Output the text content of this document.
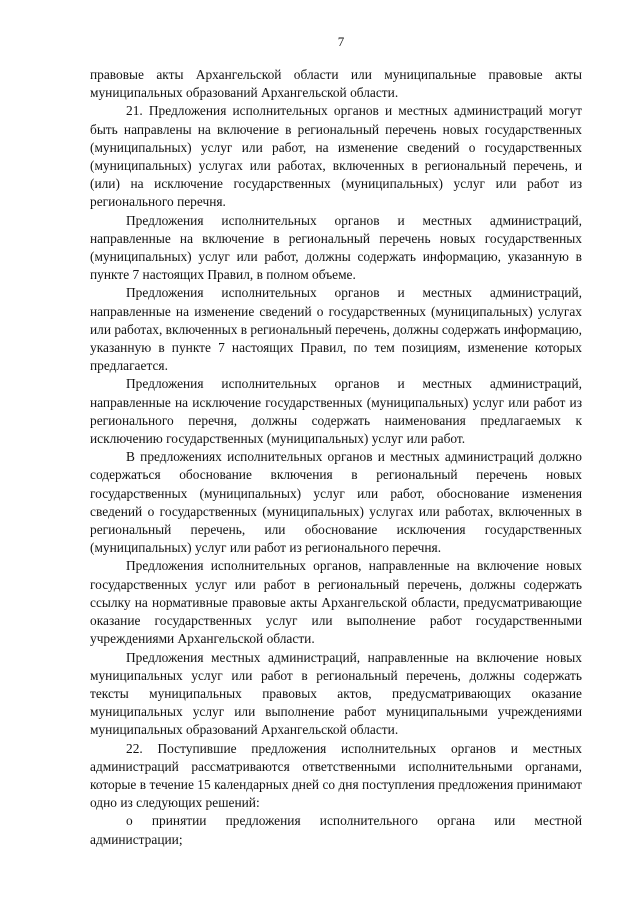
7

правовые акты Архангельской области или муниципальные правовые акты муниципальных образований Архангельской области.

21. Предложения исполнительных органов и местных администраций могут быть направлены на включение в региональный перечень новых государственных (муниципальных) услуг или работ, на изменение сведений о государственных (муниципальных) услугах или работах, включенных в региональный перечень, и (или) на исключение государственных (муниципальных) услуг или работ из регионального перечня.

Предложения исполнительных органов и местных администраций, направленные на включение в региональный перечень новых государственных (муниципальных) услуг или работ, должны содержать информацию, указанную в пункте 7 настоящих Правил, в полном объеме.

Предложения исполнительных органов и местных администраций, направленные на изменение сведений о государственных (муниципальных) услугах или работах, включенных в региональный перечень, должны содержать информацию, указанную в пункте 7 настоящих Правил, по тем позициям, изменение которых предлагается.

Предложения исполнительных органов и местных администраций, направленные на исключение государственных (муниципальных) услуг или работ из регионального перечня, должны содержать наименования предлагаемых к исключению государственных (муниципальных) услуг или работ.

В предложениях исполнительных органов и местных администраций должно содержаться обоснование включения в региональный перечень новых государственных (муниципальных) услуг или работ, обоснование изменения сведений о государственных (муниципальных) услугах или работах, включенных в региональный перечень, или обоснование исключения государственных (муниципальных) услуг или работ из регионального перечня.

Предложения исполнительных органов, направленные на включение новых государственных услуг или работ в региональный перечень, должны содержать ссылку на нормативные правовые акты Архангельской области, предусматривающие оказание государственных услуг или выполнение работ государственными учреждениями Архангельской области.

Предложения местных администраций, направленные на включение новых муниципальных услуг или работ в региональный перечень, должны содержать тексты муниципальных правовых актов, предусматривающих оказание муниципальных услуг или выполнение работ муниципальными учреждениями муниципальных образований Архангельской области.

22. Поступившие предложения исполнительных органов и местных администраций рассматриваются ответственными исполнительными органами, которые в течение 15 календарных дней со дня поступления предложения принимают одно из следующих решений:

о принятии предложения исполнительного органа или местной администрации;
